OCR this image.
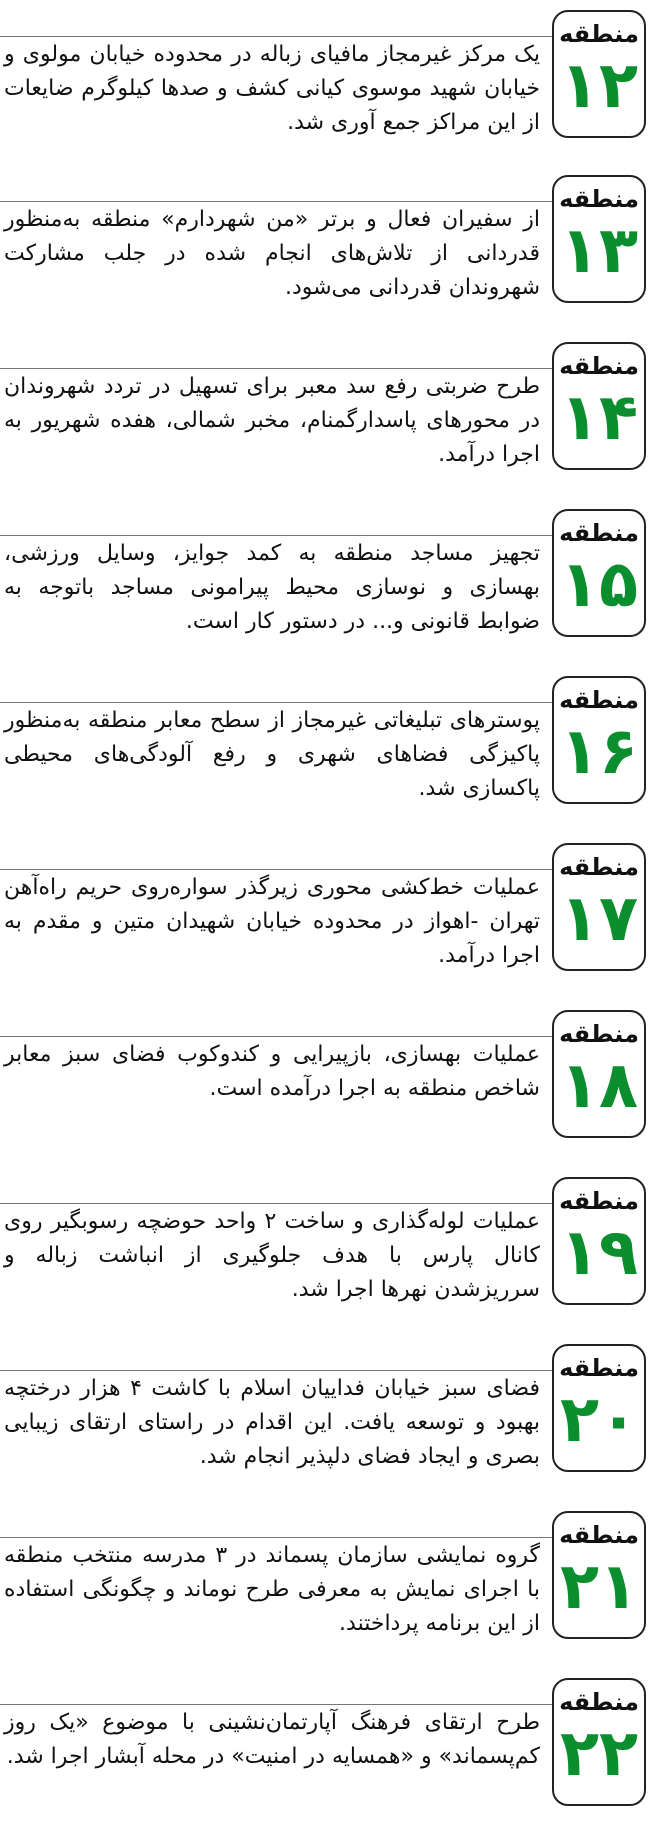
منطقه
۱۲
یک مرکز غیرمجاز مافیای زباله در محدوده خیابان مولوی و خیابان شهید موسوی کیانی کشف و صدها کیلوگرم ضایعات از این مراکز جمع آوری شد.
منطقه
۱۳
از سفیران فعال و برتر «من شهردارم» منطقه به‌منظور قدردانی از تلاش‌های انجام شده در جلب مشارکت شهروندان قدردانی می‌شود.
منطقه
۱۴
طرح ضربتی رفع سد معبر برای تسهیل در تردد شهروندان در محورهای پاسدارگمنام، مخبر شمالی، هفده شهریور به اجرا درآمد.
منطقه
۱۵
تجهیز مساجد منطقه به کمد جوایز، وسایل ورزشی، بهسازی و نوسازی محیط پیرامونی مساجد باتوجه به ضوابط قانونی و... در دستور کار است.
منطقه
۱۶
پوسترهای تبلیغاتی غیرمجاز از سطح معابر منطقه به‌منظور پاکیزگی فضاهای شهری و رفع آلودگی‌های محیطی پاکسازی شد.
منطقه
۱۷
عملیات خط‌کشی محوری زیرگذر سواره‌روی حریم راه‌آهن تهران -اهواز در محدوده خیابان شهیدان متین و مقدم به اجرا درآمد.
منطقه
۱۸
عملیات بهسازی، بازپیرایی و کندوکوب فضای سبز معابر شاخص منطقه به اجرا درآمده است.
منطقه
۱۹
عملیات لوله‌گذاری و ساخت ۲ واحد حوضچه رسوبگیر روی کانال پارس با هدف جلوگیری از انباشت زباله و سرریزشدن نهرها اجرا شد.
منطقه
۲۰
فضای سبز خیابان فداییان اسلام با کاشت ۴ هزار درختچه بهبود و توسعه یافت. این اقدام در راستای ارتقای زیبایی بصری و ایجاد فضای دلپذیر انجام شد.
منطقه
۲۱
گروه نمایشی سازمان پسماند در ۳ مدرسه منتخب منطقه با اجرای نمایش به معرفی طرح نوماند و چگونگی استفاده از این برنامه پرداختند.
منطقه
۲۲
طرح ارتقای فرهنگ آپارتمان‌نشینی با موضوع «یک روز کم‌پسماند» و «همسایه در امنیت» در محله آبشار اجرا شد.
